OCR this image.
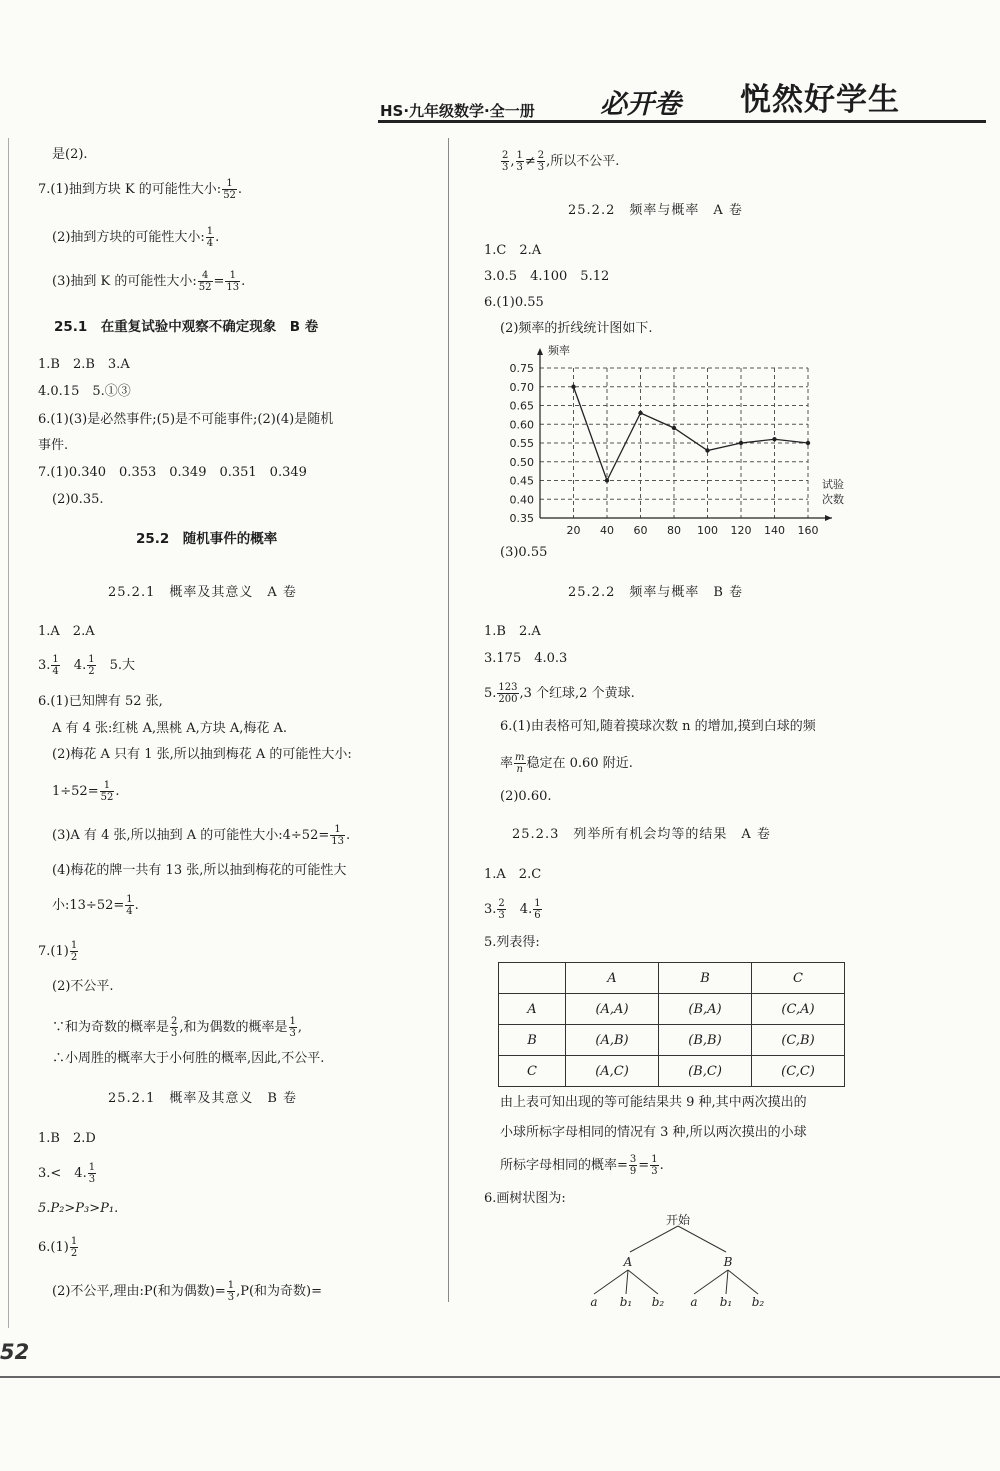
HS·九年级数学·全一册 必开卷 悦然好学生
是(2).
7.(1)抽到方块 K 的可能性大小: $\frac{1}{52}$ .
(2)抽到方块的可能性大小: $\frac{1}{4}$ .
(3)抽到 K 的可能性大小: $\frac{4}{52} = \frac{1}{13}$ .
25.1　在重复试验中观察不确定现象　B 卷
1.B　2.B　3.A
4.0.15　5.①③
6.(1)(3)是必然事件;(5)是不可能事件;(2)(4)是随机
事件.
7.(1)0.340　0.353　0.349　0.351　0.349
(2)0.35.
25.2　随机事件的概率
25.2.1　概率及其意义　A 卷
1.A　2.A
3. $\frac{1}{4}$
　 4. $\frac{1}{2}$
　 5.大
6.(1)已知牌有 52 张,
A 有 4 张:红桃 A,黑桃 A,方块 A,梅花 A.
(2)梅花 A 只有 1 张,所以抽到梅花 A 的可能性大小:
$1\div 52= \frac{1}{52}$ .
(3)A 有 4 张,所以抽到 A 的可能性大小:4÷52= $\frac{1}{13}$ .
(4)梅花的牌一共有 13 张,所以抽到梅花的可能性大
小:13÷52= $\frac{1}{4}$ .
$7.(1) \frac{1}{2}$
(2)不公平.
∵和为奇数的概率是 $\frac{2}{3}$ ,和为偶数的概率是 $\frac{1}{3}$ ,
∴小周胜的概率大于小何胜的概率,因此,不公平.
25.2.1　概率及其意义　B 卷
1.B　2.D
3.<　4. $\frac{1}{3}$
5.P₂>P₃>P₁.
$6.(1) \frac{1}{2}$
(2)不公平,理由:P(和为偶数)= $\frac{1}{3} ,P$(和为奇数)=
$\frac{2}{3}$ , $\frac{1}{3} \ne \frac{2}{3}$ ,所以不公平.
25.2.2　频率与概率　A 卷
1.C　2.A
3.0.5　4.100　5.12
6.(1)0.55
(2)频率的折线统计图如下.
0.35
0.40
0.45
0.50
0.55
0.60
0.65
0.70
0.75
20 40 60 80 100 120 140 160
频率
试验
次数
(3)0.55
25.2.2　频率与概率　B 卷
1.B　2.A
3.175　4.0.3
5. $\frac{123}{200} ,3$ 个红球,2 个黄球.
6.(1)由表格可知,随着摸球次数 n 的增加,摸到白球的频
率 $\frac{m}{n}$ 稳定在 0.60 附近.
(2)0.60.
25.2.3　列举所有机会均等的结果　A 卷
1.A　2.C
3. $\frac{2}{3}$
　 4. $\frac{1}{6}$
5.列表得:
	A	B	C
A	(A,A)	(B,A)	(C,A)
B	(A,B)	(B,B)	(C,B)
C	(A,C)	(B,C)	(C,C)
由上表可知出现的等可能结果共 9 种,其中两次摸出的
小球所标字母相同的情况有 3 种,所以两次摸出的小球
所标字母相同的概率= $\frac{3}{9} = \frac{1}{3}$ .
6.画树状图为:
开始
A	B
a b₁ b₂ a b₁ b₂
52
